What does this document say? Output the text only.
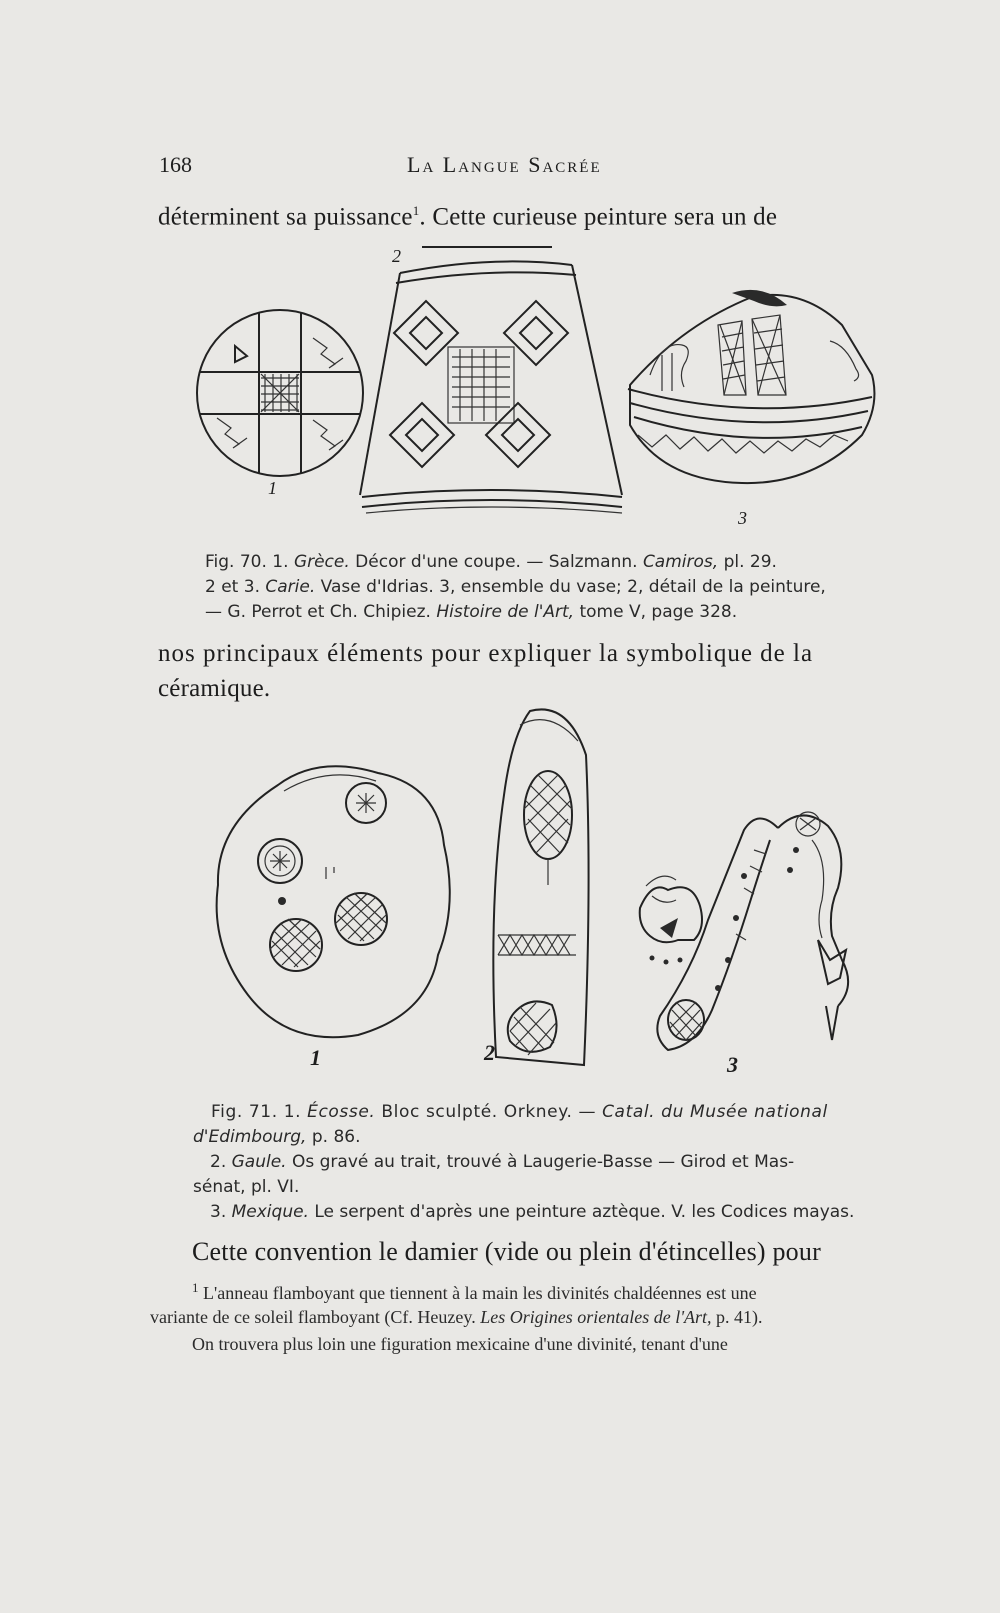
168	La Langue Sacrée
déterminent sa puissance$^1$. Cette curieuse peinture sera un de
1
2
3
Fig. 70. 1. Grèce. Décor d'une coupe. — Salzmann. Camiros, pl. 29.
2 et 3. Carie. Vase d'Idrias. 3, ensemble du vase; 2, détail de la peinture,
— G. Perrot et Ch. Chipiez. Histoire de l'Art, tome V, page 328.
nos principaux éléments pour expliquer la symbolique de la
céramique.
1	2	3
Fig. 71. 1. Écosse. Bloc sculpté. Orkney. — Catal. du Musée national
d'Edimbourg, p. 86.
2. Gaule. Os gravé au trait, trouvé à Laugerie-Basse — Girod et Mas-
sénat, pl. VI.
3. Mexique. Le serpent d'après une peinture aztèque. V. les Codices mayas.
Cette convention le damier (vide ou plein d'étincelles) pour
$^1$ L'anneau flamboyant que tiennent à la main les divinités chaldéennes est une
variante de ce soleil flamboyant (Cf. Heuzey. Les Origines orientales de l'Art, p. 41).
On trouvera plus loin une figuration mexicaine d'une divinité, tenant d'une
